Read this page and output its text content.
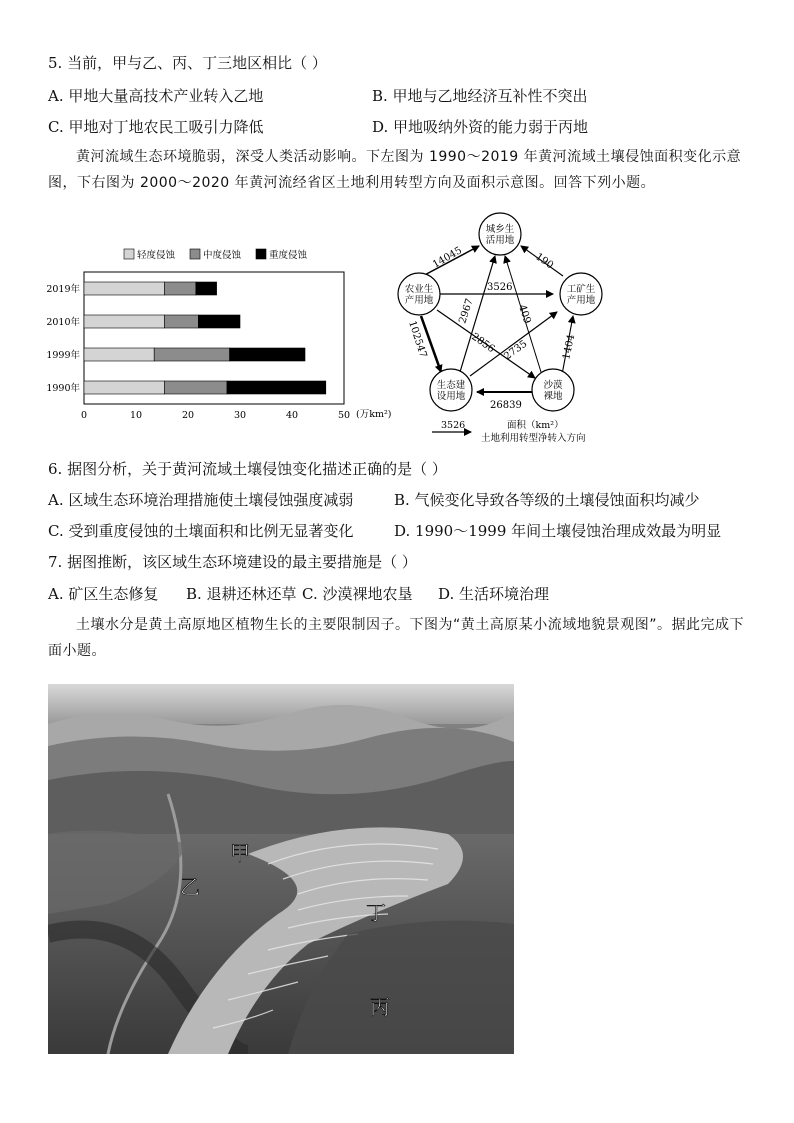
5. 当前，甲与乙、丙、丁三地区相比（ ）
A. 甲地大量高技术产业转入乙地	B. 甲地与乙地经济互补性不突出
C. 甲地对丁地农民工吸引力降低	D. 甲地吸纳外资的能力弱于丙地
黄河流域生态环境脆弱，深受人类活动影响。下左图为 1990～2019 年黄河流域土壤侵蚀面积变化示意图，下右图为 2000～2020 年黄河流经省区土地利用转型方向及面积示意图。回答下列小题。
轻度侵蚀	中度侵蚀	重度侵蚀
2019年
2010年
1999年
1990年
0	10	20	30	40	50 (万km²)
14045	190
3526
102547
2967	409
2735
2856	1404
26839
城乡生
活用地
农业生
产用地
工矿生
产用地
生态建
设用地
沙漠
裸地
3526	面积（km²）
土地利用转型净转入方向
6. 据图分析，关于黄河流域土壤侵蚀变化描述正确的是（ ）
A. 区域生态环境治理措施使土壤侵蚀强度减弱	B. 气候变化导致各等级的土壤侵蚀面积均减少
C. 受到重度侵蚀的土壤面积和比例无显著变化	D. 1990～1999 年间土壤侵蚀治理成效最为明显
7. 据图推断，该区域生态环境建设的最主要措施是（ ）
A. 矿区生态修复 B. 退耕还林还草 C. 沙漠裸地农垦 D. 生活环境治理
土壤水分是黄土高原地区植物生长的主要限制因子。下图为“黄土高原某小流域地貌景观图”。据此完成下面小题。
甲
乙
丁
丙
